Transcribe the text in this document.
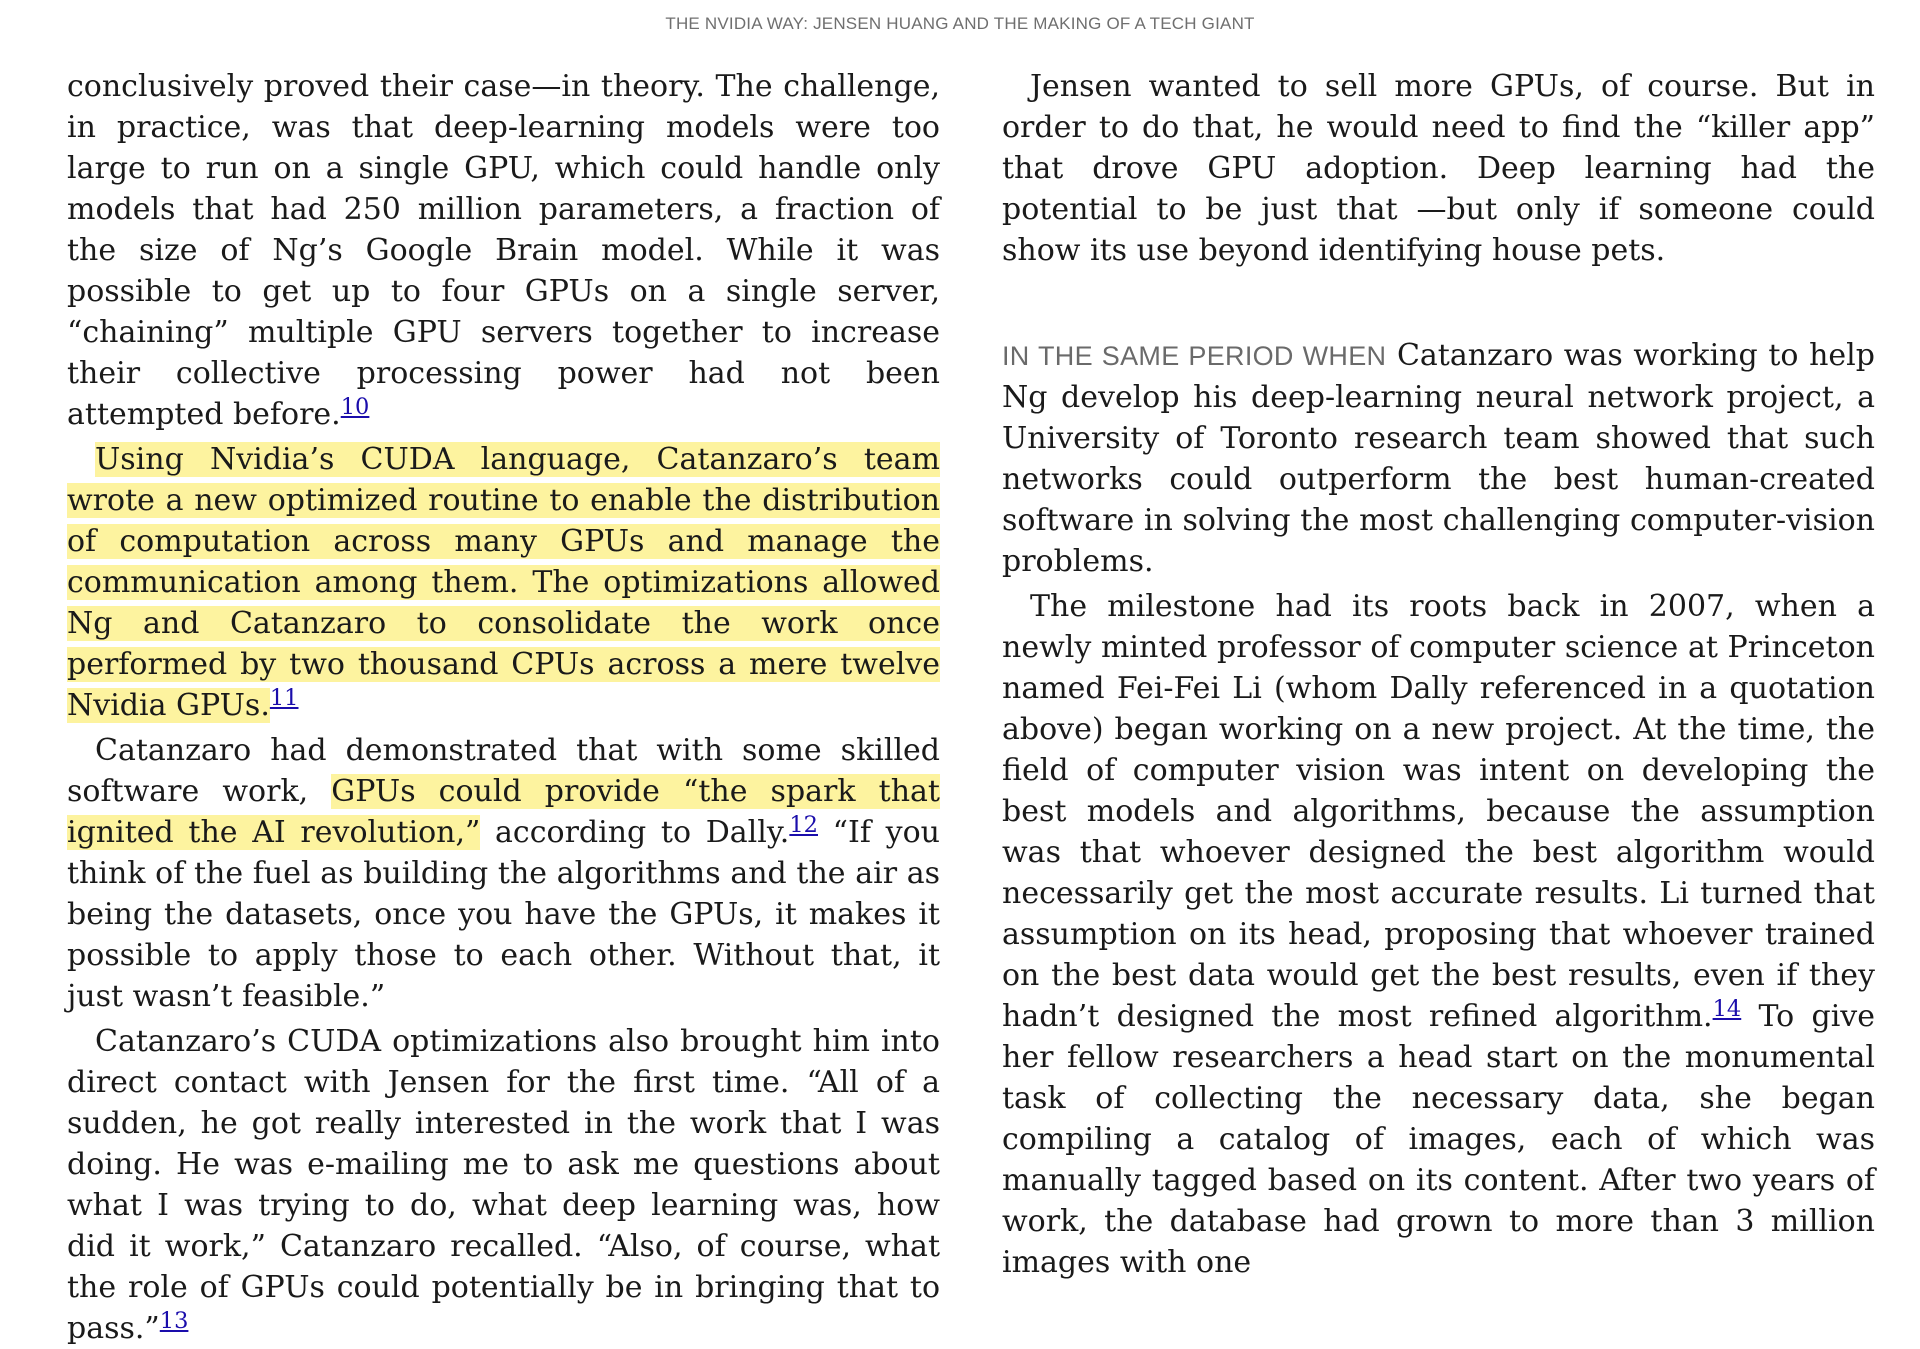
THE NVIDIA WAY: JENSEN HUANG AND THE MAKING OF A TECH GIANT

conclusively proved their case—in theory. The challenge, in practice, was that deep-learning models were too large to run on a single GPU, which could handle only models that had 250 million parameters, a fraction of the size of Ng’s Google Brain model. While it was possible to get up to four GPUs on a single server, “chaining” multiple GPU servers together to increase their collective processing power had not been attempted before.$^{10}$

Using Nvidia’s CUDA language, Catanzaro’s team wrote a new optimized routine to enable the distribution of computation across many GPUs and manage the communication among them. The optimizations allowed Ng and Catanzaro to consolidate the work once performed by two thousand CPUs across a mere twelve Nvidia GPUs.$^{11}$

Catanzaro had demonstrated that with some skilled software work, GPUs could provide “the spark that ignited the AI revolution,” according to Dally.$^{12}$ “If you think of the fuel as building the algorithms and the air as being the datasets, once you have the GPUs, it makes it possible to apply those to each other. Without that, it just wasn’t feasible.”

Catanzaro’s CUDA optimizations also brought him into direct contact with Jensen for the first time. “All of a sudden, he got really interested in the work that I was doing. He was e-mailing me to ask me questions about what I was trying to do, what deep learning was, how did it work,” Catanzaro recalled. “Also, of course, what the role of GPUs could potentially be in bringing that to pass.”$^{13}$

Jensen wanted to sell more GPUs, of course. But in order to do that, he would need to find the “killer app” that drove GPU adoption. Deep learning had the potential to be just that —but only if someone could show its use beyond identifying house pets.

IN THE SAME PERIOD WHEN Catanzaro was working to help Ng develop his deep-learning neural network project, a University of Toronto research team showed that such networks could outperform the best human-created software in solving the most challenging computer-vision problems.

The milestone had its roots back in 2007, when a newly minted professor of computer science at Princeton named Fei-Fei Li (whom Dally referenced in a quotation above) began working on a new project. At the time, the field of computer vision was intent on developing the best models and algorithms, because the assumption was that whoever designed the best algorithm would necessarily get the most accurate results. Li turned that assumption on its head, proposing that whoever trained on the best data would get the best results, even if they hadn’t designed the most refined algorithm.$^{14}$ To give her fellow researchers a head start on the monumental task of collecting the necessary data, she began compiling a catalog of images, each of which was manually tagged based on its content. After two years of work, the database had grown to more than 3 million images with one
